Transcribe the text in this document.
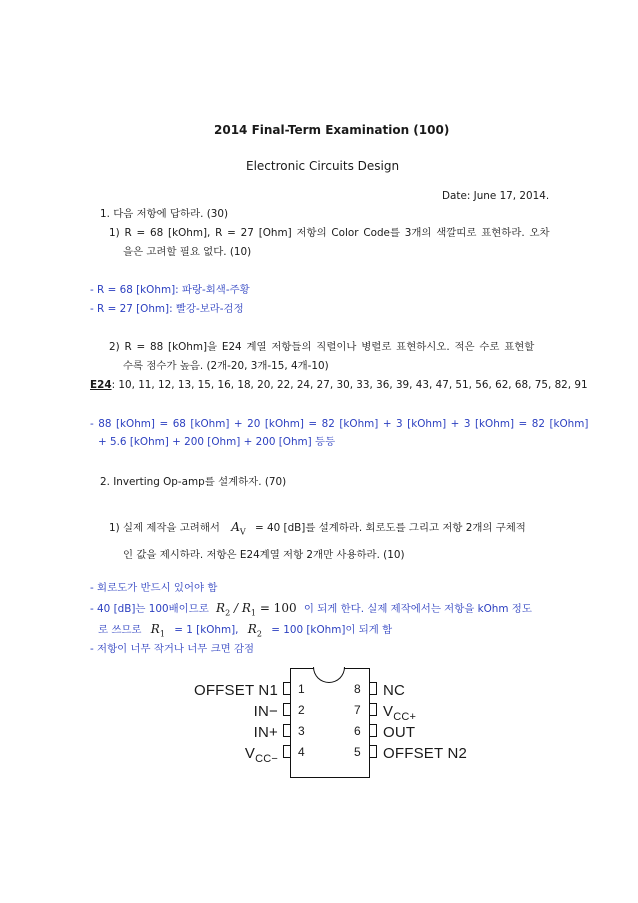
2014 Final-Term Examination (100)
Electronic Circuits Design
Date: June 17, 2014.
1. 다음 저항에 답하라. (30)
1) R = 68 [kOhm], R = 27 [Ohm] 저항의 Color Code를 3개의 색깔띠로 표현하라. 오차
을은 고려할 필요 없다. (10)
- R = 68 [kOhm]: 파랑-회색-주황
- R = 27 [Ohm]: 빨강-보라-검정
2) R = 88 [kOhm]을 E24 계열 저항들의 직렬이나 병렬로 표현하시오. 적은 수로 표현할
수록 점수가 높음. (2개-20, 3개-15, 4개-10)
E24: 10, 11, 12, 13, 15, 16, 18, 20, 22, 24, 27, 30, 33, 36, 39, 43, 47, 51, 56, 62, 68, 75, 82, 91
- 88 [kOhm] = 68 [kOhm] + 20 [kOhm] = 82 [kOhm] + 3 [kOhm] + 3 [kOhm] = 82 [kOhm]
+ 5.6 [kOhm] + 200 [Ohm] + 200 [Ohm] 등등
2. Inverting Op-amp를 설계하자. (70)
1) 실제 제작을 고려해서 $A_V = 40$ [dB]를 설계하라. 회로도를 그리고 저항 2개의 구체적
인 값을 제시하라. 저항은 E24계열 저항 2개만 사용하라. (10)
- 회로도가 반드시 있어야 함
- 40 [dB]는 100배이므로 $R_2 / R_1 = 100$ 이 되게 한다. 실제 제작에서는 저항을 kOhm 정도
로 쓰므로 $R_1 = 1$ [kOhm], $R_2 = 100$ [kOhm]이 되게 함
- 저항이 너무 작거나 너무 크면 감점
OFFSET N1
IN−
IN+
$V_{CC-}$
1
2
3
4
8
7
6
5
NC
$V_{CC+}$
OUT
OFFSET N2
